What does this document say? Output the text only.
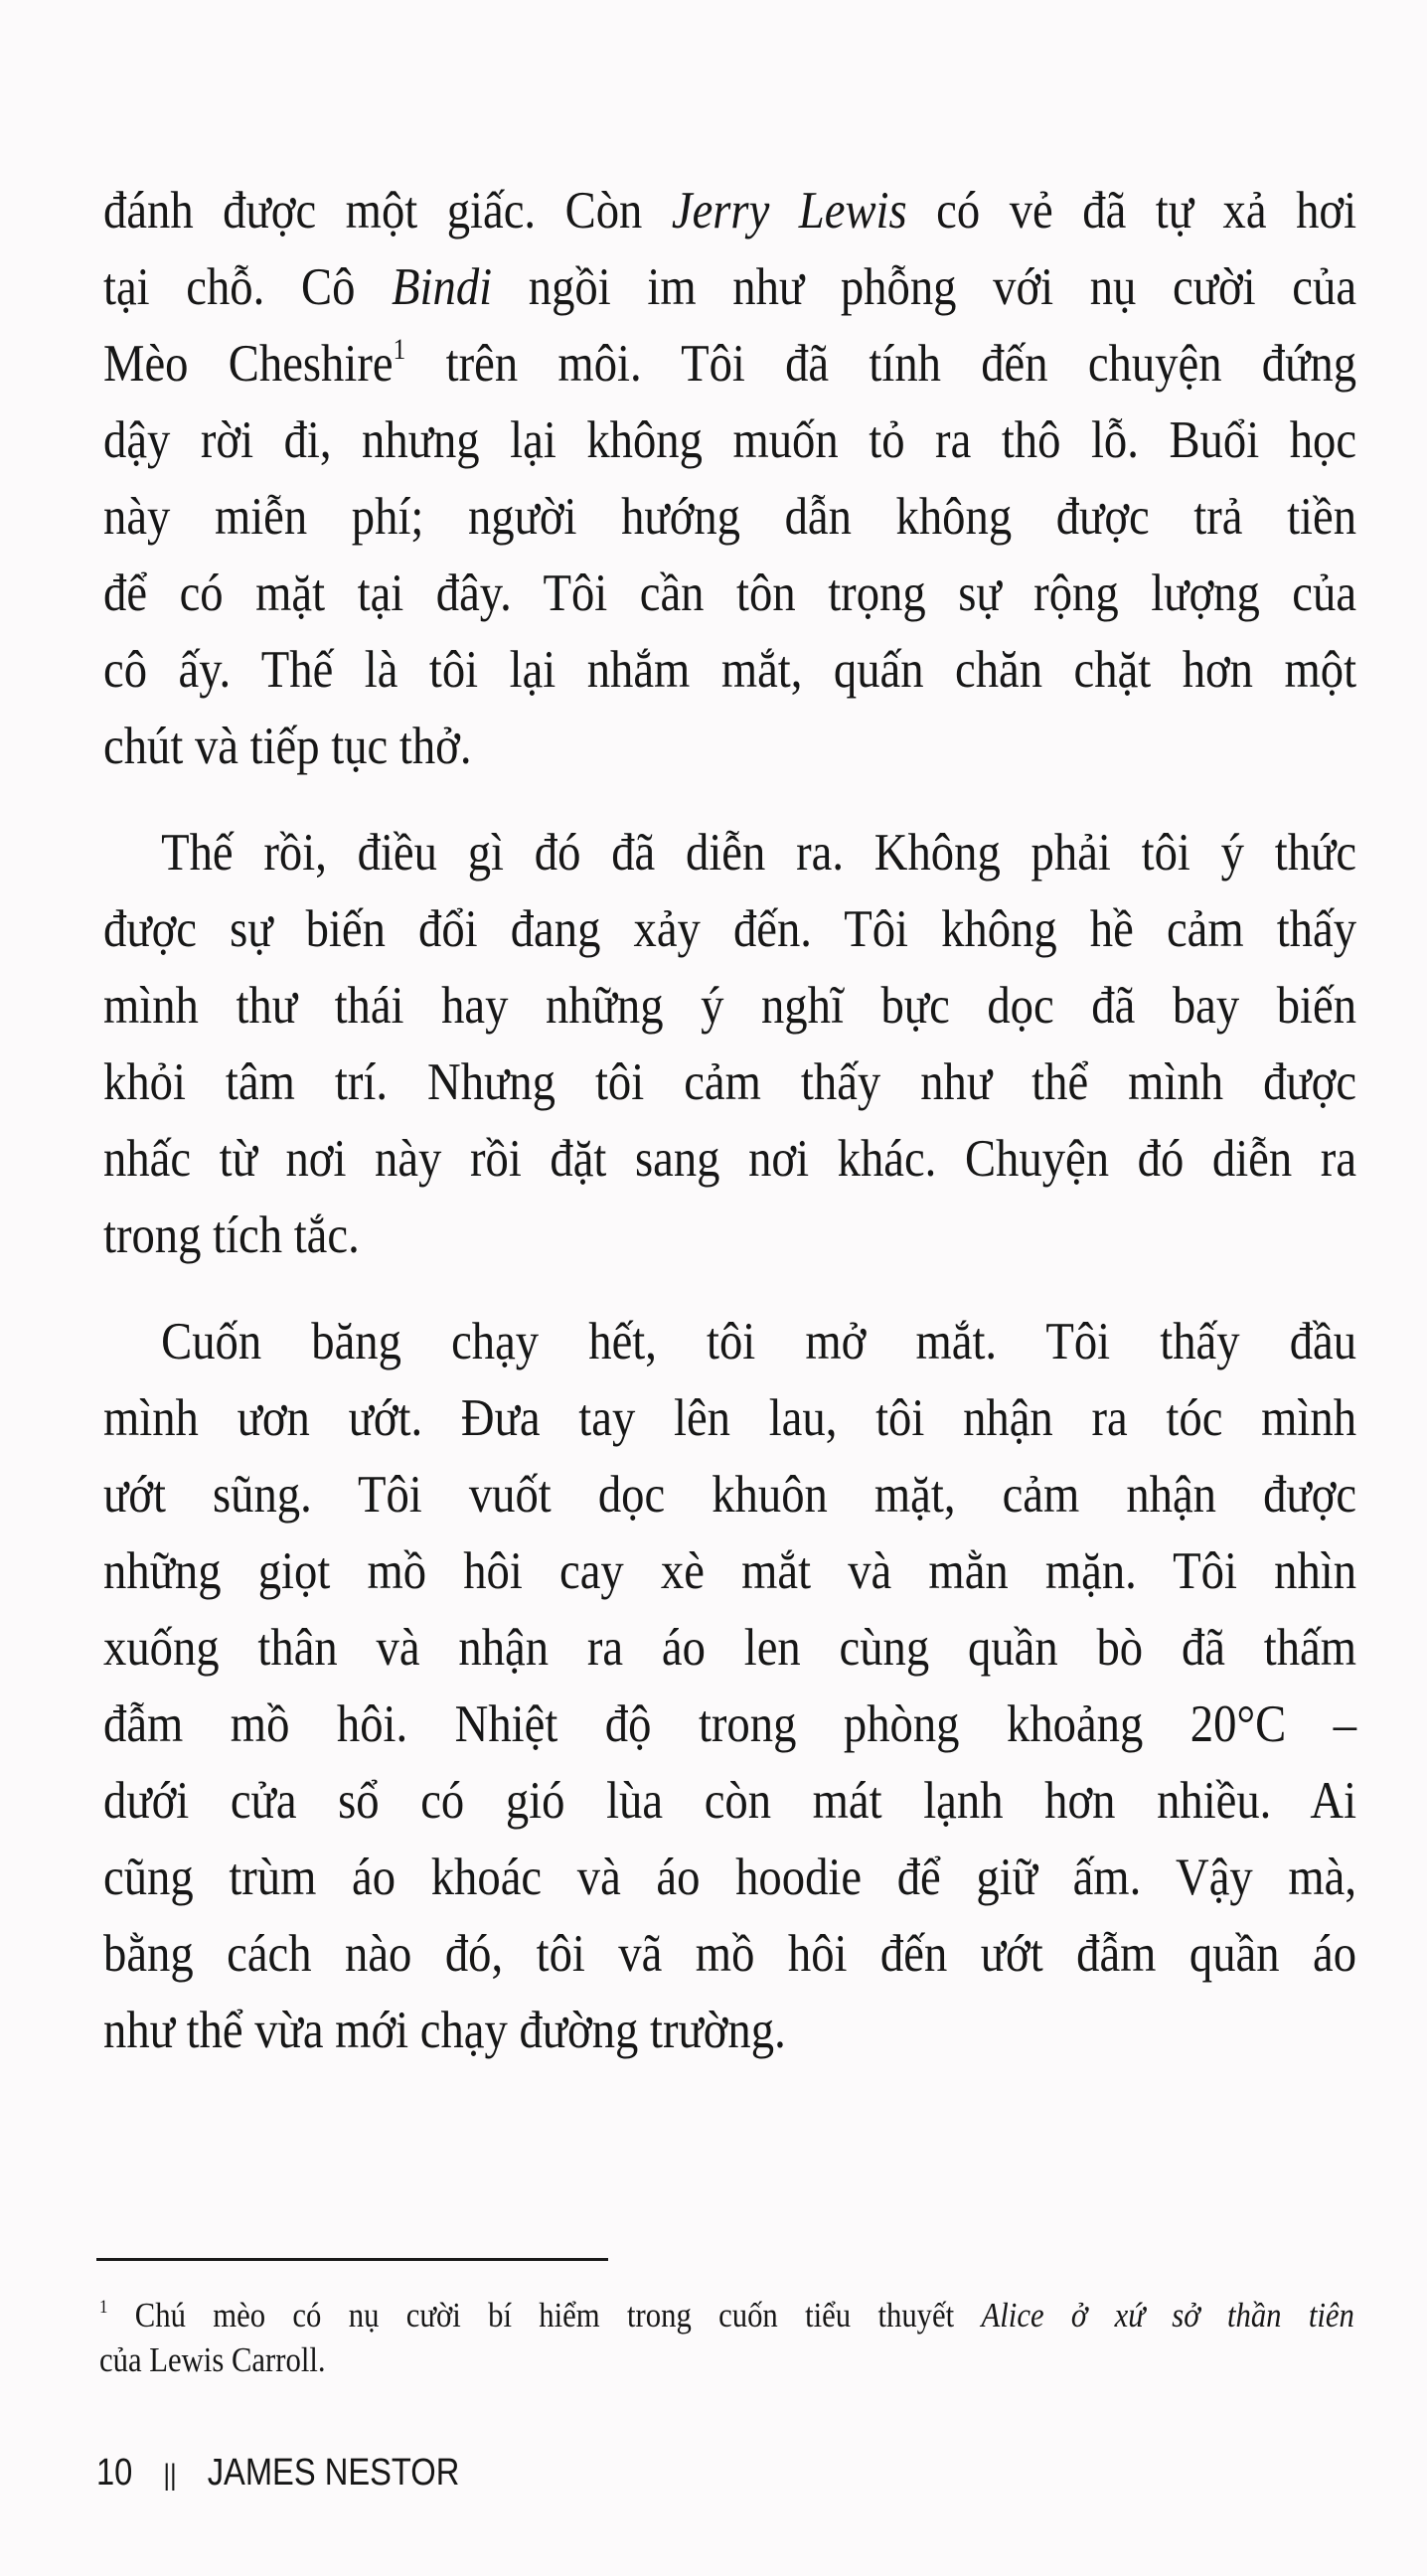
đánh được một giấc. Còn Jerry Lewis có vẻ đã tự xả hơi
tại chỗ. Cô Bindi ngồi im như phỗng với nụ cười của
Mèo Cheshire$^1$ trên môi. Tôi đã tính đến chuyện đứng
dậy rời đi, nhưng lại không muốn tỏ ra thô lỗ. Buổi học
này miễn phí; người hướng dẫn không được trả tiền
để có mặt tại đây. Tôi cần tôn trọng sự rộng lượng của
cô ấy. Thế là tôi lại nhắm mắt, quấn chăn chặt hơn một
chút và tiếp tục thở.
Thế rồi, điều gì đó đã diễn ra. Không phải tôi ý thức
được sự biến đổi đang xảy đến. Tôi không hề cảm thấy
mình thư thái hay những ý nghĩ bực dọc đã bay biến
khỏi tâm trí. Nhưng tôi cảm thấy như thể mình được
nhấc từ nơi này rồi đặt sang nơi khác. Chuyện đó diễn ra
trong tích tắc.
Cuốn băng chạy hết, tôi mở mắt. Tôi thấy đầu
mình ươn ướt. Đưa tay lên lau, tôi nhận ra tóc mình
ướt sũng. Tôi vuốt dọc khuôn mặt, cảm nhận được
những giọt mồ hôi cay xè mắt và mằn mặn. Tôi nhìn
xuống thân và nhận ra áo len cùng quần bò đã thấm
đẫm mồ hôi. Nhiệt độ trong phòng khoảng 20°C –
dưới cửa sổ có gió lùa còn mát lạnh hơn nhiều. Ai
cũng trùm áo khoác và áo hoodie để giữ ấm. Vậy mà,
bằng cách nào đó, tôi vã mồ hôi đến ướt đẫm quần áo
như thể vừa mới chạy đường trường.
$^1$ Chú mèo có nụ cười bí hiểm trong cuốn tiểu thuyết Alice ở xứ sở thần tiên
của Lewis Carroll.
10 || JAMES NESTOR
